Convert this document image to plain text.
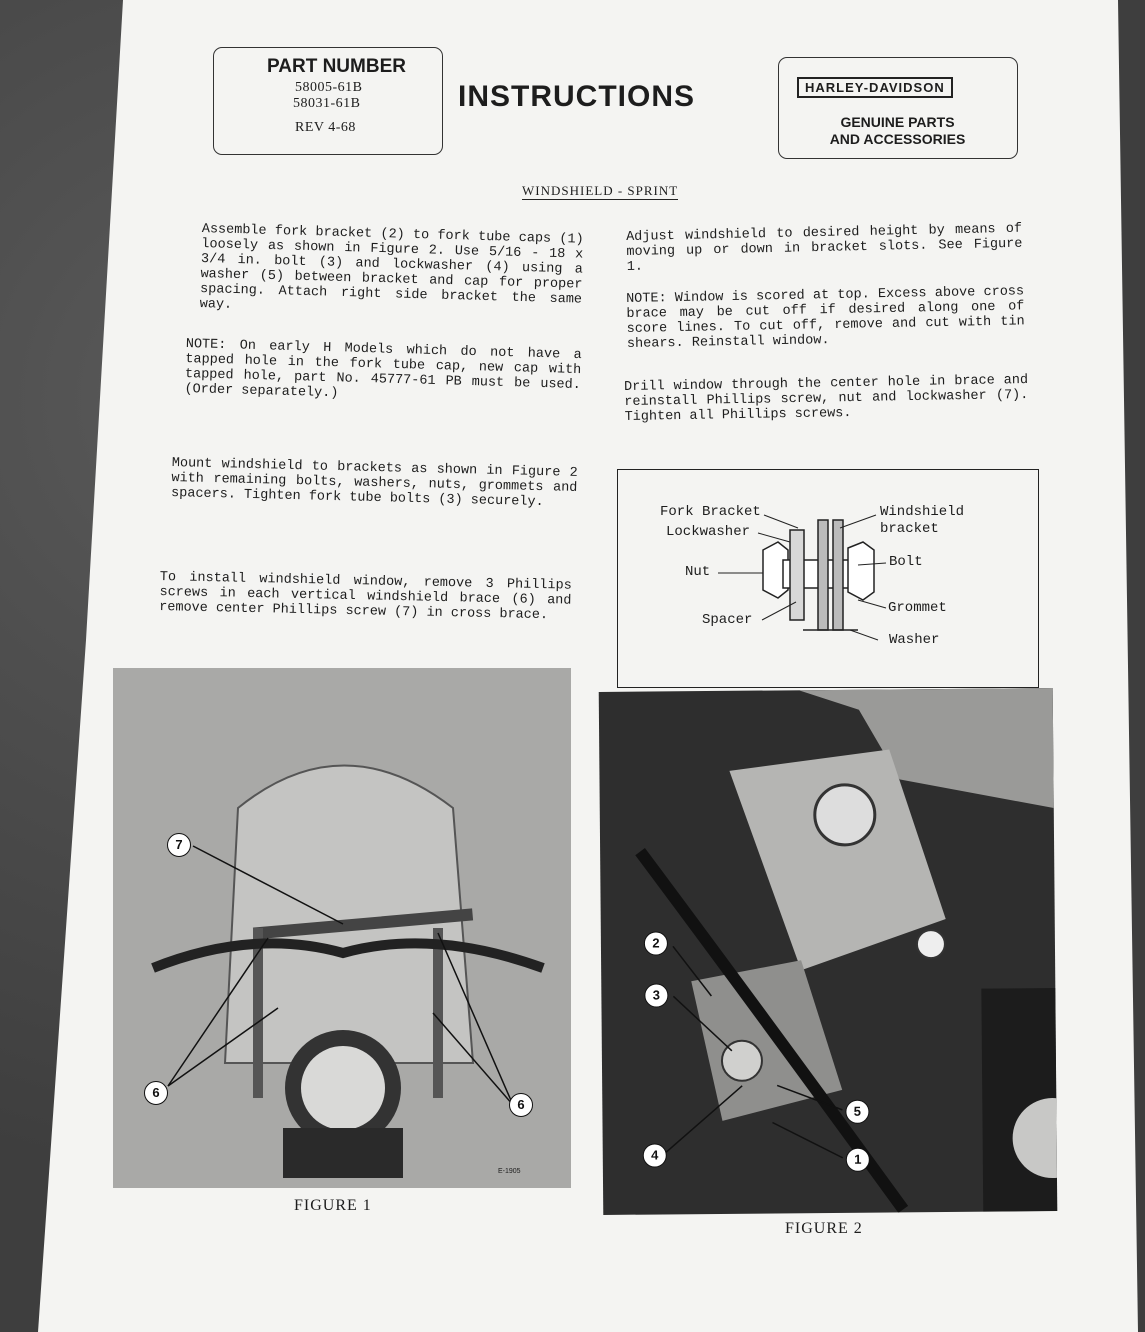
PART NUMBER
58005-61B
58031-61B
REV 4-68
INSTRUCTIONS	HARLEY-DAVIDSON
GENUINE PARTS
AND ACCESSORIES
WINDSHIELD - SPRINT
Assemble fork bracket (2) to fork tube caps (1) loosely as shown in Figure 2. Use 5/16 - 18 x 3/4 in. bolt (3) and lockwasher (4) using a washer (5) between bracket and cap for proper spacing. Attach right side bracket the same way.
NOTE: On early H Models which do not have a tapped hole in the fork tube cap, new cap with tapped hole, part No. 45777-61 PB must be used. (Order separately.)
Mount windshield to brackets as shown in Figure 2 with remaining bolts, washers, nuts, grommets and spacers. Tighten fork tube bolts (3) securely.
To install windshield window, remove 3 Phillips screws in each vertical windshield brace (6) and remove center Phillips screw (7) in cross brace.
Adjust windshield to desired height by means of moving up or down in bracket slots. See Figure 1.
NOTE: Window is scored at top. Excess above cross brace may be cut off if desired along one of score lines. To cut off, remove and cut with tin shears. Reinstall window.
Drill window through the center hole in brace and reinstall Phillips screw, nut and lockwasher (7). Tighten all Phillips screws.
Fork Bracket
Lockwasher
Nut
Spacer
Windshield
bracket
Bolt
Grommet
Washer
7
6
6
E-1905
FIGURE 1
2
3
4
5
1
FIGURE 2
